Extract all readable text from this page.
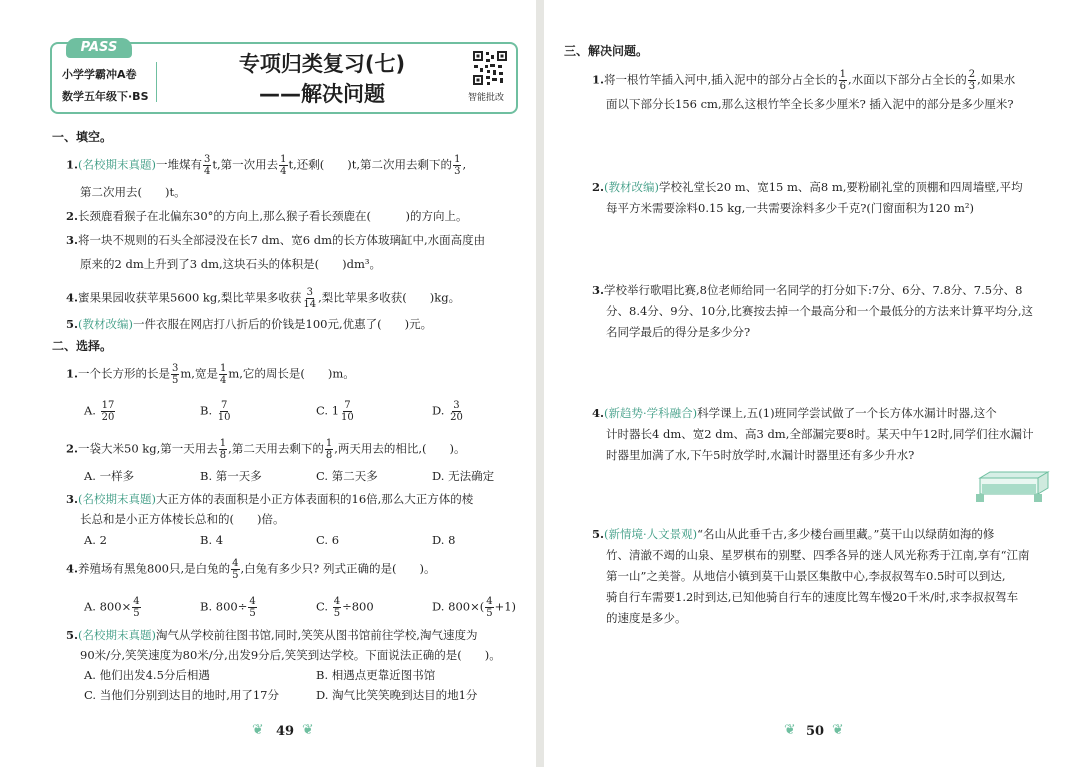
PASS
小学学霸冲A卷
数学五年级下·BS
专项归类复习(七)
——解决问题	智能批改
一、填空。
1.(名校期末真题)一堆煤有 $\frac{3}{4} t$,第一次用去 $\frac{1}{4} t$,还剩(　　)t,第二次用去剩下的 $\frac{1}{3}$ ,
第二次用去(　　)t。
2.长颈鹿看猴子在北偏东30°的方向上,那么猴子看长颈鹿在(　　　)的方向上。
3.将一块不规则的石头全部浸没在长7 dm、宽6 dm的长方体玻璃缸中,水面高度由
原来的2 dm上升到了3 dm,这块石头的体积是(　　)dm³。
4.蜜果果园收获苹果5600 kg,梨比苹果多收获 $\frac{3}{14}$ ,梨比苹果多收获(　　)kg。
5.(教材改编)一件衣服在网店打八折后的价钱是100元,优惠了(　　)元。
二、选择。
1.一个长方形的长是 $\frac{3}{5} m$,宽是 $\frac{1}{4} m$,它的周长是(　　)m。
A. $\frac{17}{20}$	B. $\frac{7}{10}$	C. $1 \frac{7}{10}$	D. $\frac{3}{20}$
2.一袋大米50 kg,第一天用去 $\frac{1}{8}$ ,第二天用去剩下的 $\frac{1}{8}$ ,两天用去的相比,(　　)。
A. 一样多	B. 第一天多	C. 第二天多	D. 无法确定
3.(名校期末真题)大正方体的表面积是小正方体表面积的16倍,那么大正方体的棱
长总和是小正方体棱长总和的(　　)倍。
A. 2	B. 4	C. 6	D. 8
4.养殖场有黑兔800只,是白兔的 $\frac{4}{5}$ ,白兔有多少只? 列式正确的是(　　)。
A. $800\times \frac{4}{5}$	B. $800\div \frac{4}{5}$	C. $\frac{4}{5} \div 800$	D. $800\times( \frac{4}{5} +1)$
5.(名校期末真题)淘气从学校前往图书馆,同时,笑笑从图书馆前往学校,淘气速度为
90米/分,笑笑速度为80米/分,出发9分后,笑笑到达学校。下面说法正确的是(　　)。
A. 他们出发4.5分后相遇	B. 相遇点更靠近图书馆
C. 当他们分别到达目的地时,用了17分	D. 淘气比笑笑晚到达目的地1分
❦ 49 ❦
三、解决问题。
1.将一根竹竿插入河中,插入泥中的部分占全长的 $\frac{1}{6}$ ,水面以下部分占全长的 $\frac{2}{3}$ ,如果水
面以下部分长156 cm,那么这根竹竿全长多少厘米? 插入泥中的部分是多少厘米?
2.(教材改编)学校礼堂长20 m、宽15 m、高8 m,要粉刷礼堂的顶棚和四周墙壁,平均
每平方米需要涂料0.15 kg,一共需要涂料多少千克?(门窗面积为120 m²)
3.学校举行歌唱比赛,8位老师给同一名同学的打分如下:7分、6分、7.8分、7.5分、8
分、8.4分、9分、10分,比赛按去掉一个最高分和一个最低分的方法来计算平均分,这
名同学最后的得分是多少分?
4.(新趋势·学科融合)科学课上,五(1)班同学尝试做了一个长方体水漏计时器,这个
计时器长4 dm、宽2 dm、高3 dm,全部漏完要8时。某天中午12时,同学们往水漏计
时器里加满了水,下午5时放学时,水漏计时器里还有多少升水?
5.(新情境·人文景观)“名山从此垂千古,多少楼台画里藏。”莫干山以绿荫如海的修
竹、清澈不竭的山泉、星罗棋布的别墅、四季各异的迷人风光称秀于江南,享有“江南
第一山”之美誉。从地信小镇到莫干山景区集散中心,李叔叔驾车0.5时可以到达,
骑自行车需要1.2时到达,已知他骑自行车的速度比驾车慢20千米/时,求李叔叔驾车
的速度是多少。
❦ 50 ❦
